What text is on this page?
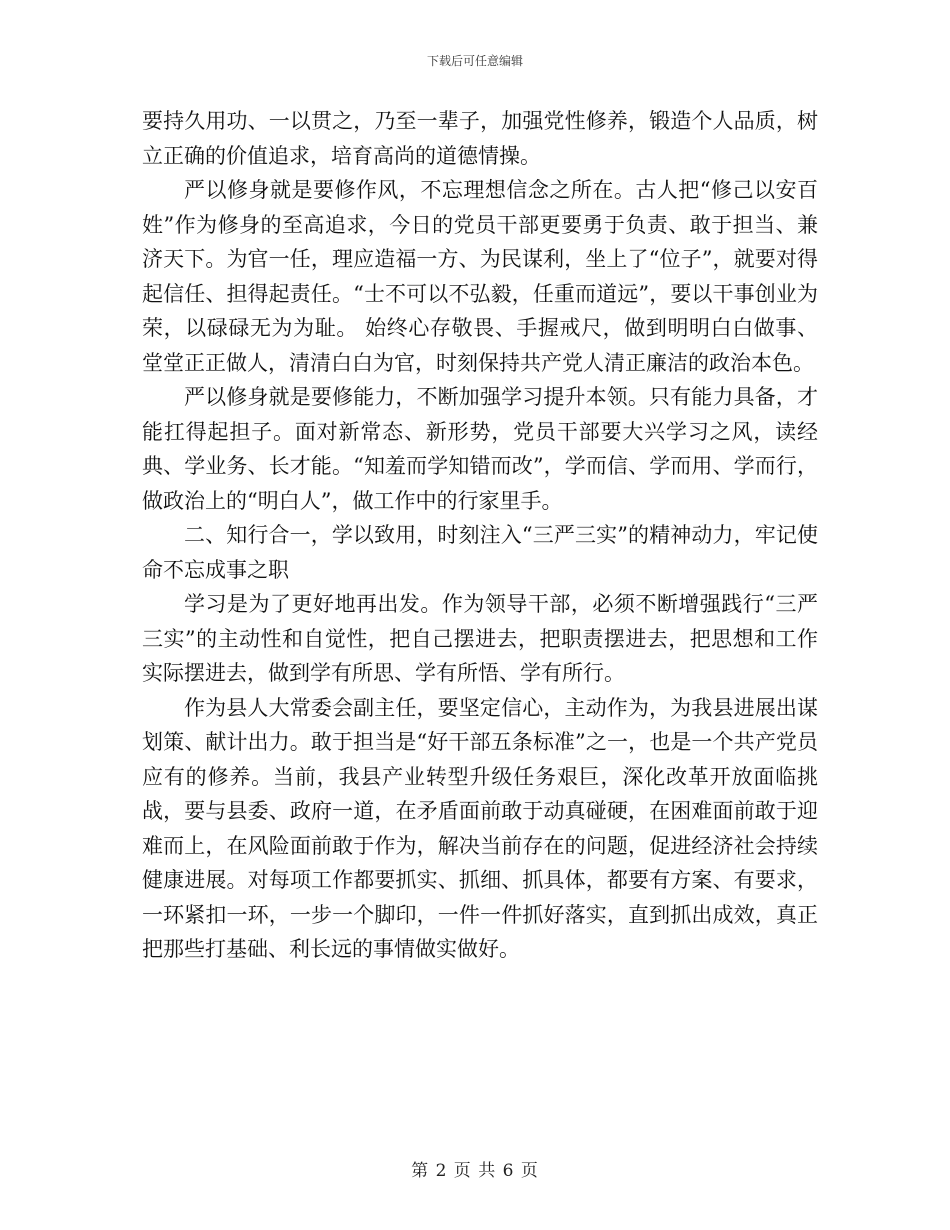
下载后可任意编辑

要持久用功、一以贯之，乃至一辈子，加强党性修养，锻造个人品质，树立正确的价值追求，培育高尚的道德情操。

严以修身就是要修作风，不忘理想信念之所在。古人把“修己以安百姓”作为修身的至高追求，今日的党员干部更要勇于负责、敢于担当、兼济天下。为官一任，理应造福一方、为民谋利，坐上了“位子”，就要对得起信任、担得起责任。“士不可以不弘毅，任重而道远”，要以干事创业为荣，以碌碌无为为耻。 始终心存敬畏、手握戒尺，做到明明白白做事、堂堂正正做人，清清白白为官，时刻保持共产党人清正廉洁的政治本色。

严以修身就是要修能力，不断加强学习提升本领。只有能力具备，才能扛得起担子。面对新常态、新形势，党员干部要大兴学习之风，读经典、学业务、长才能。“知羞而学知错而改”，学而信、学而用、学而行，做政治上的“明白人”，做工作中的行家里手。

二、知行合一，学以致用，时刻注入“三严三实”的精神动力，牢记使命不忘成事之职

学习是为了更好地再出发。作为领导干部，必须不断增强践行“三严三实”的主动性和自觉性，把自己摆进去，把职责摆进去，把思想和工作实际摆进去，做到学有所思、学有所悟、学有所行。

作为县人大常委会副主任，要坚定信心，主动作为，为我县进展出谋划策、献计出力。敢于担当是“好干部五条标准”之一，也是一个共产党员应有的修养。当前，我县产业转型升级任务艰巨，深化改革开放面临挑战，要与县委、政府一道，在矛盾面前敢于动真碰硬，在困难面前敢于迎难而上，在风险面前敢于作为，解决当前存在的问题，促进经济社会持续健康进展。对每项工作都要抓实、抓细、抓具体，都要有方案、有要求，一环紧扣一环，一步一个脚印，一件一件抓好落实，直到抓出成效，真正把那些打基础、利长远的事情做实做好。

第 2 页 共 6 页
